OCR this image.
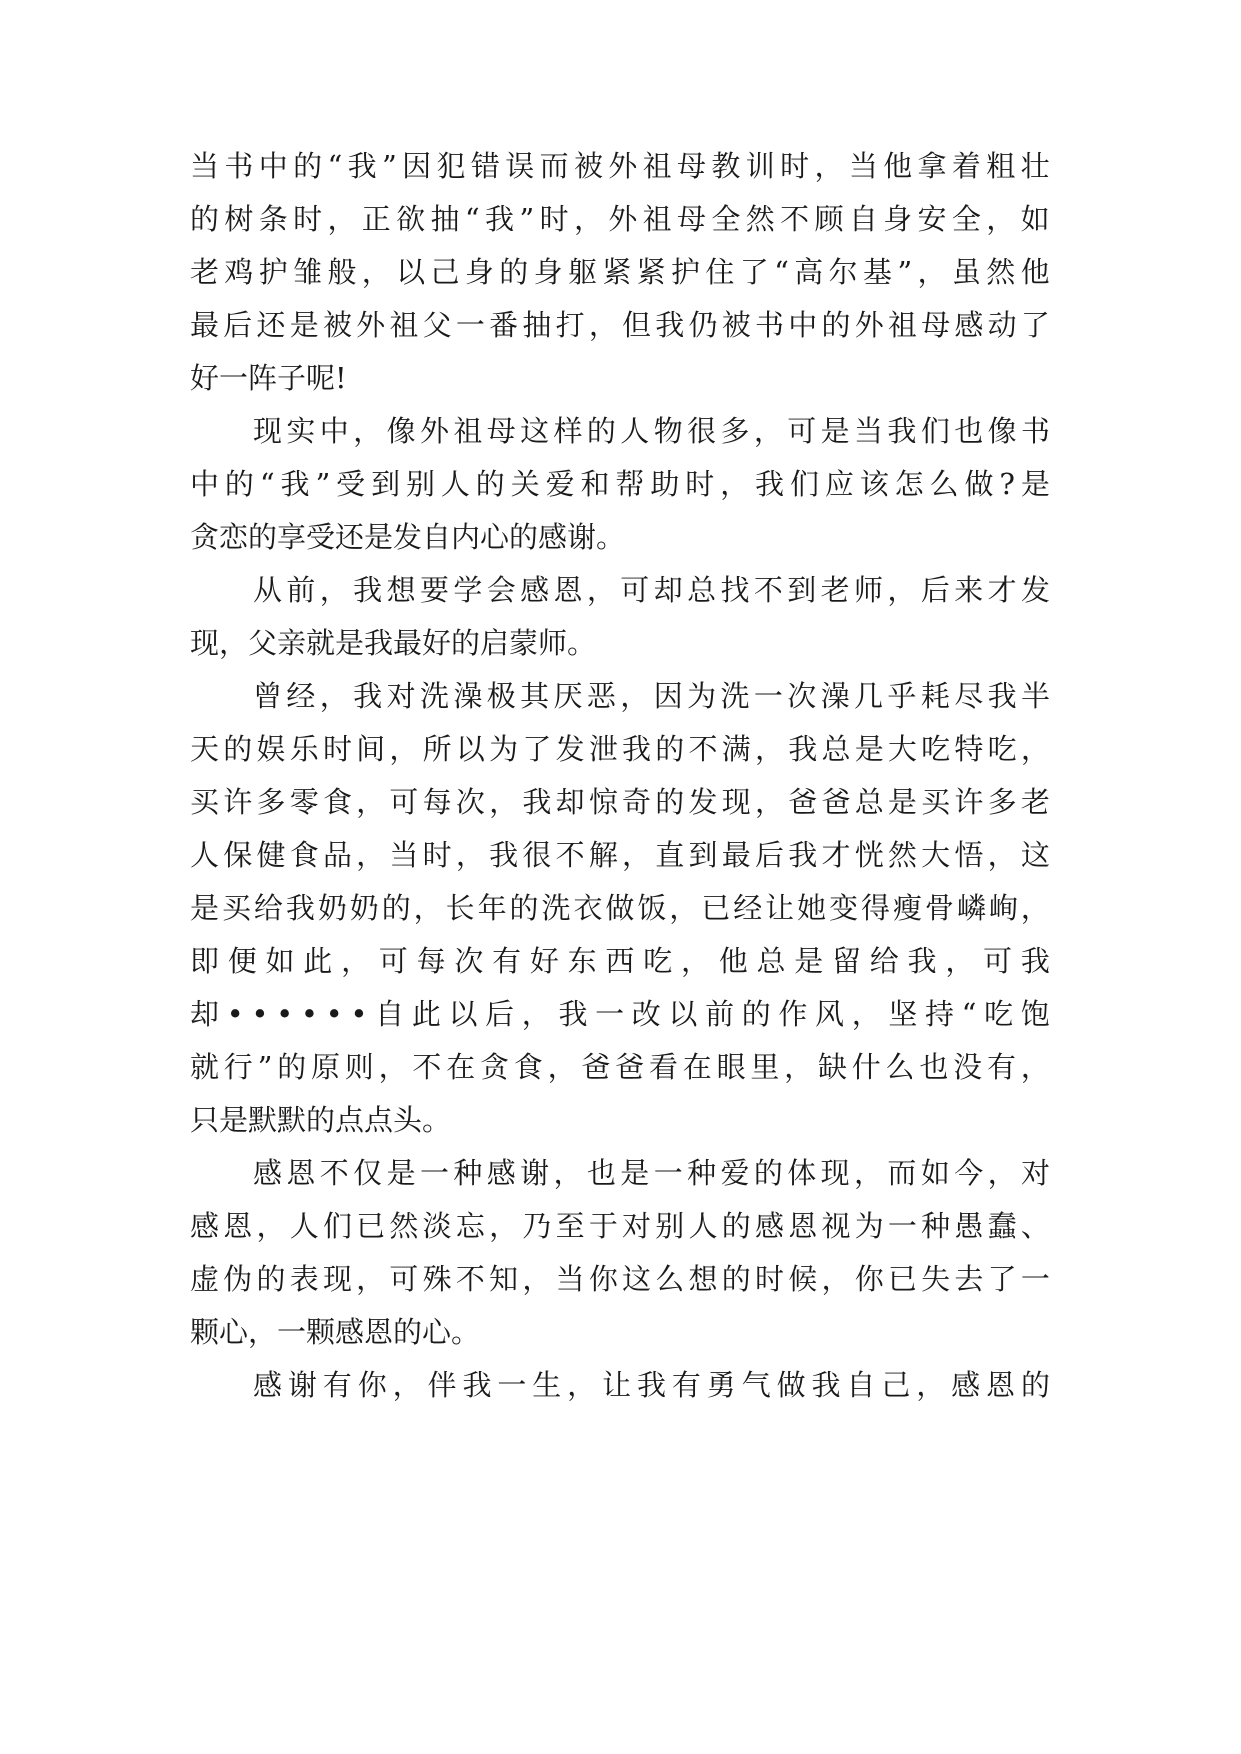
当 书 中 的 “ 我 ” 因 犯 错 误 而 被 外 祖 母 教 训 时 ， 当 他 拿 着 粗 壮
的 树 条 时 ， 正 欲 抽 “ 我 ” 时 ， 外 祖 母 全 然 不 顾 自 身 安 全 ， 如
老 鸡 护 雏 般 ， 以 己 身 的 身 躯 紧 紧 护 住 了 “ 高 尔 基 ” ， 虽 然 他
最 后 还 是 被 外 祖 父 一 番 抽 打 ， 但 我 仍 被 书 中 的 外 祖 母 感 动 了
好一阵子呢!
现 实 中 ， 像 外 祖 母 这 样 的 人 物 很 多 ， 可 是 当 我 们 也 像 书
中 的 “ 我 ” 受 到 别 人 的 关 爱 和 帮 助 时 ， 我 们 应 该 怎 么 做 ? 是
贪恋的享受还是发自内心的感谢。
从 前 ， 我 想 要 学 会 感 恩 ， 可 却 总 找 不 到 老 师 ， 后 来 才 发
现，父亲就是我最好的启蒙师。
曾 经 ， 我 对 洗 澡 极 其 厌 恶 ， 因 为 洗 一 次 澡 几 乎 耗 尽 我 半
天 的 娱 乐 时 间 ， 所 以 为 了 发 泄 我 的 不 满 ， 我 总 是 大 吃 特 吃 ，
买 许 多 零 食 ， 可 每 次 ， 我 却 惊 奇 的 发 现 ， 爸 爸 总 是 买 许 多 老
人 保 健 食 品 ， 当 时 ， 我 很 不 解 ， 直 到 最 后 我 才 恍 然 大 悟 ， 这
是 买 给 我 奶 奶 的 ， 长 年 的 洗 衣 做 饭 ， 已 经 让 她 变 得 瘦 骨 嶙 峋 ，
即 便 如 此 ， 可 每 次 有 好 东 西 吃 ， 他 总 是 留 给 我 ， 可 我
却 • • • • • • 自 此 以 后 ， 我 一 改 以 前 的 作 风 ， 坚 持 “ 吃 饱
就 行 ” 的 原 则 ， 不 在 贪 食 ， 爸 爸 看 在 眼 里 ， 缺 什 么 也 没 有 ，
只是默默的点点头。
感 恩 不 仅 是 一 种 感 谢 ， 也 是 一 种 爱 的 体 现 ， 而 如 今 ， 对
感 恩 ， 人 们 已 然 淡 忘 ， 乃 至 于 对 别 人 的 感 恩 视 为 一 种 愚 蠢 、
虚 伪 的 表 现 ， 可 殊 不 知 ， 当 你 这 么 想 的 时 候 ， 你 已 失 去 了 一
颗心，一颗感恩的心。
感 谢 有 你 ， 伴 我 一 生 ， 让 我 有 勇 气 做 我 自 己 ， 感 恩 的
